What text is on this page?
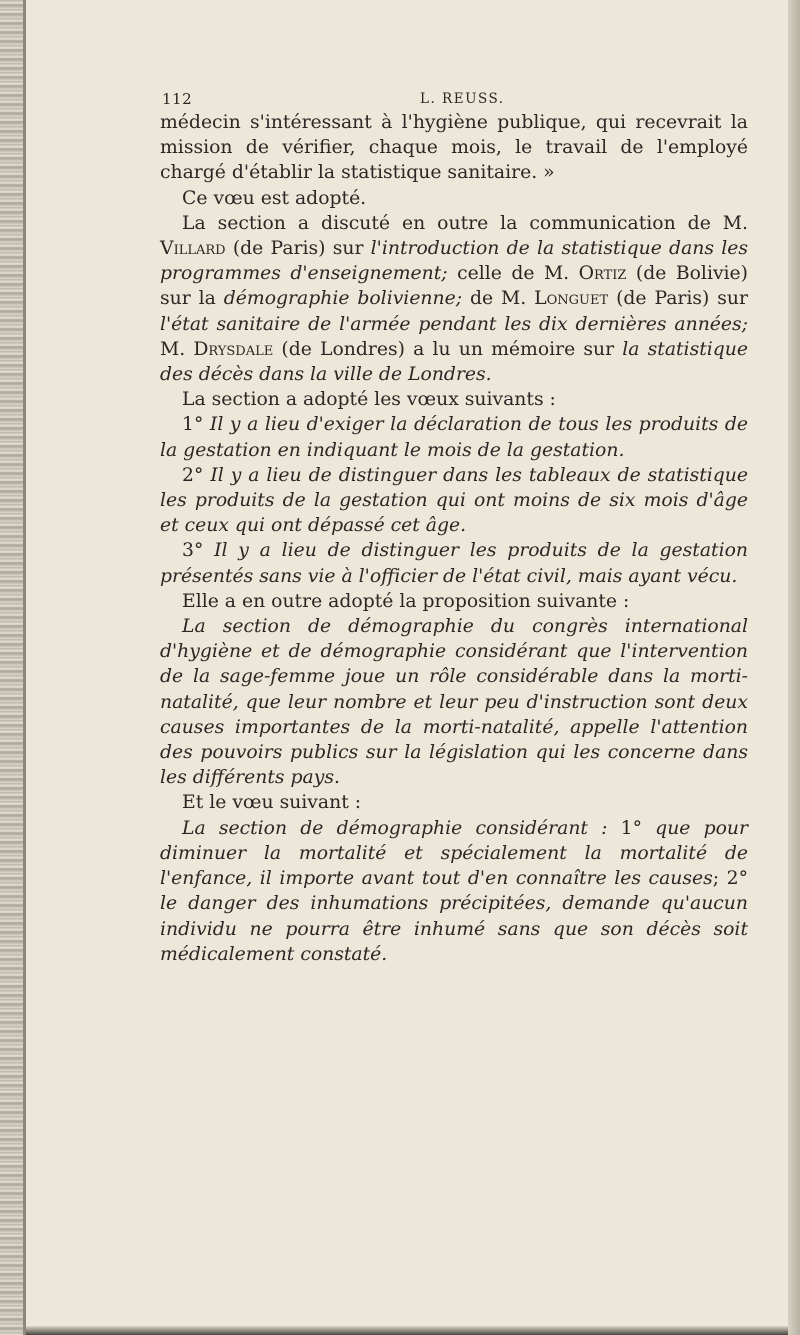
112	L. REUSS.

médecin s'intéressant à l'hygiène publique, qui recevrait la mission de vérifier, chaque mois, le travail de l'employé chargé d'établir la statistique sanitaire. »

Ce vœu est adopté.

La section a discuté en outre la communication de M. Villard (de Paris) sur l'introduction de la statistique dans les programmes d'enseignement; celle de M. Ortiz (de Bolivie) sur la démographie bolivienne; de M. Longuet (de Paris) sur l'état sanitaire de l'armée pendant les dix dernières années; M. Drysdale (de Londres) a lu un mémoire sur la statistique des décès dans la ville de Londres.

La section a adopté les vœux suivants :

1° Il y a lieu d'exiger la déclaration de tous les produits de la gestation en indiquant le mois de la gestation.

2° Il y a lieu de distinguer dans les tableaux de statistique les produits de la gestation qui ont moins de six mois d'âge et ceux qui ont dépassé cet âge.

3° Il y a lieu de distinguer les produits de la gestation présentés sans vie à l'officier de l'état civil, mais ayant vécu.

Elle a en outre adopté la proposition suivante :

La section de démographie du congrès international d'hygiène et de démographie considérant que l'intervention de la sage-femme joue un rôle considérable dans la morti-natalité, que leur nombre et leur peu d'instruction sont deux causes importantes de la morti-natalité, appelle l'attention des pouvoirs publics sur la législation qui les concerne dans les différents pays.

Et le vœu suivant :

La section de démographie considérant : 1° que pour diminuer la mortalité et spécialement la mortalité de l'enfance, il importe avant tout d'en connaître les causes; 2° le danger des inhumations précipitées, demande qu'aucun individu ne pourra être inhumé sans que son décès soit médicalement constaté.
